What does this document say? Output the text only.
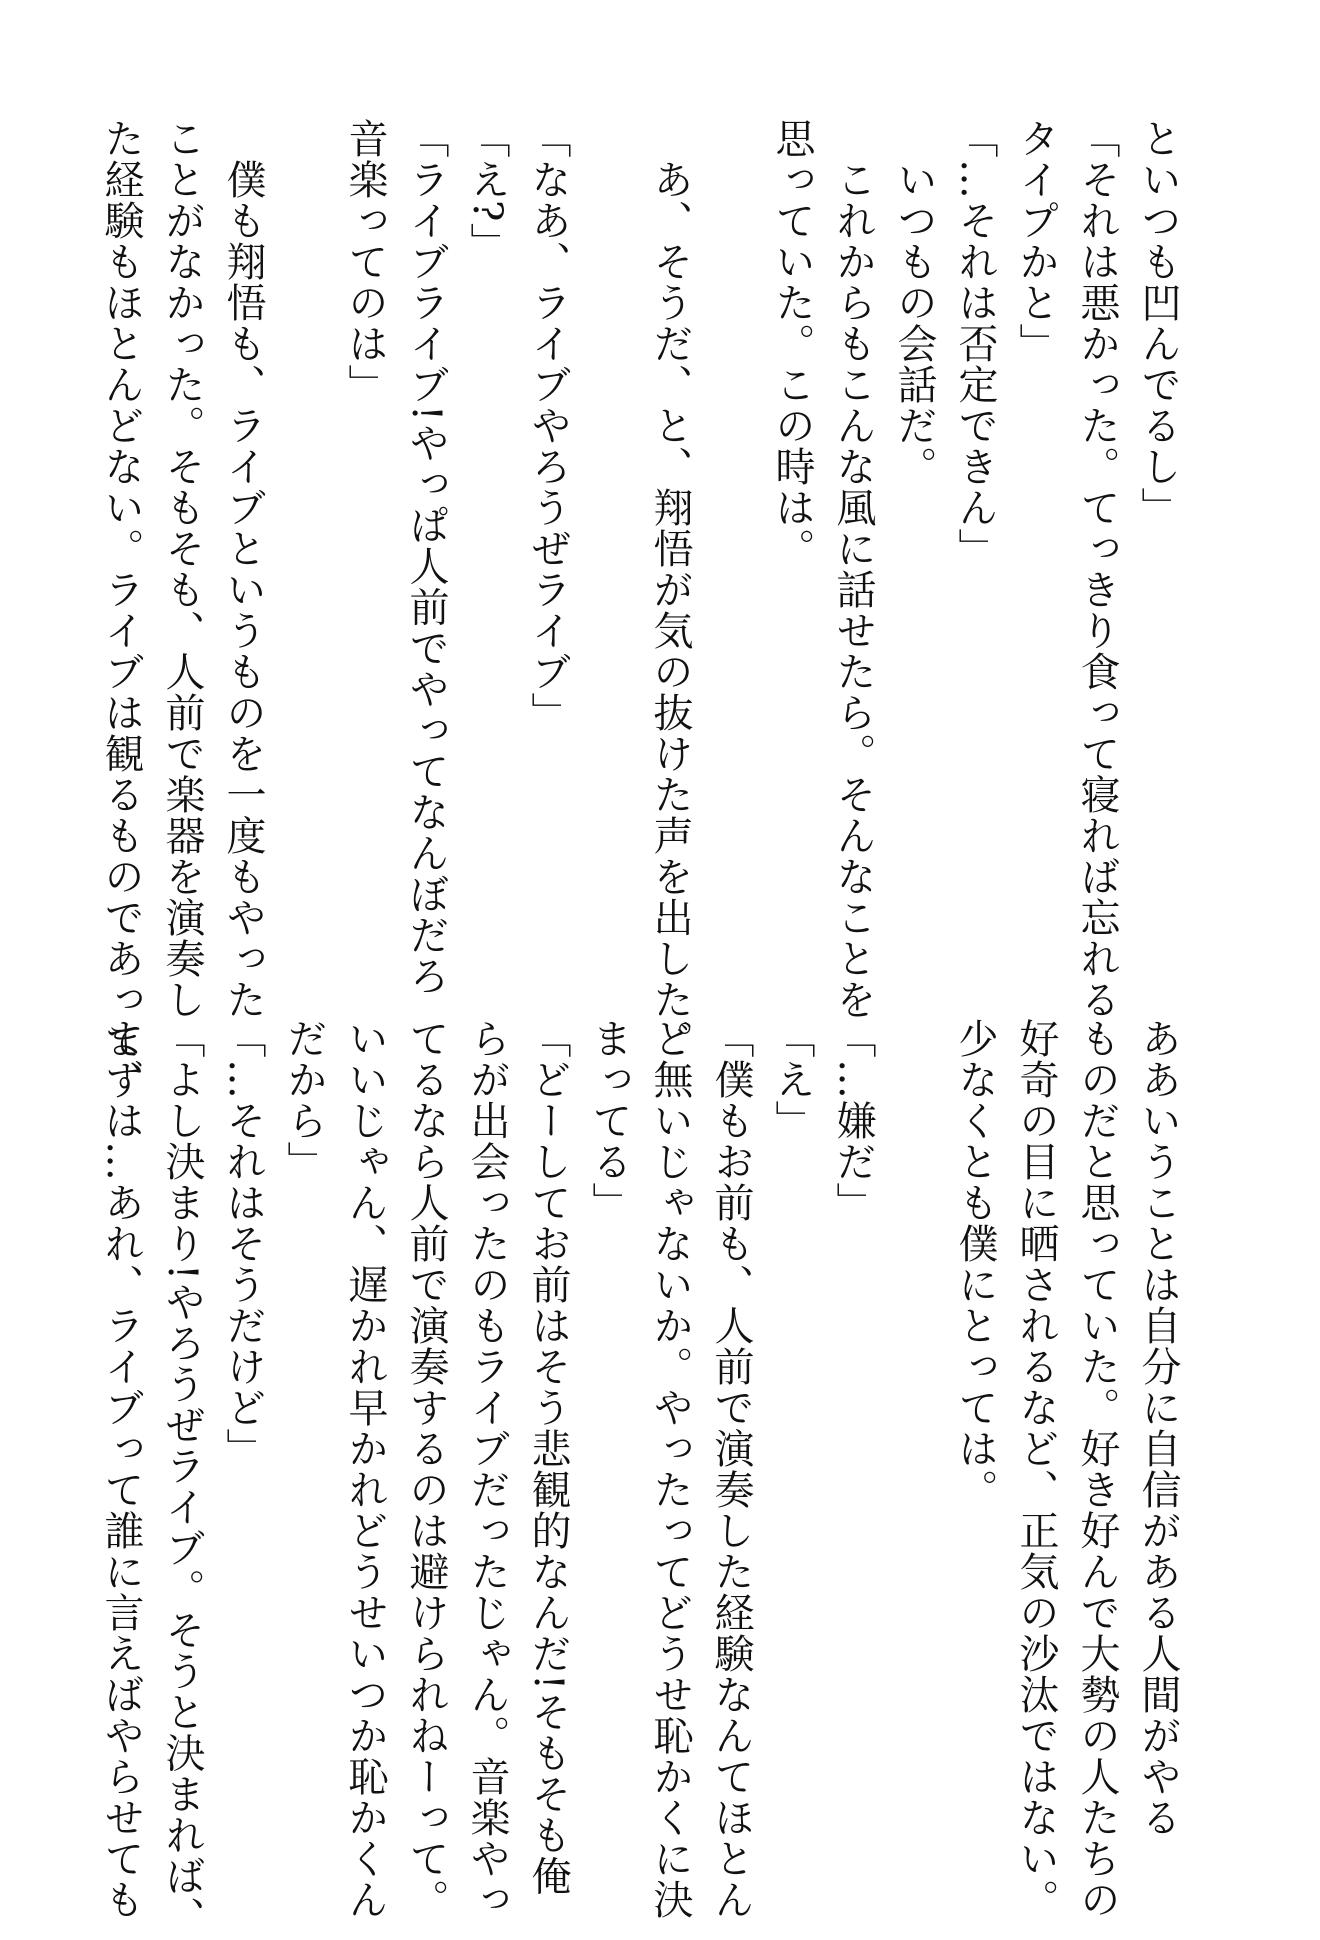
といつも凹んでるし」
「それは悪かった。てっきり食って寝れば忘れる
タイプかと」
「…それは否定できん」
　いつもの会話だ。
　これからもこんな風に話せたら。そんなことを
思っていた。この時は。

　あ、そうだ、と、翔悟が気の抜けた声を出した。

「なあ、ライブやろうぜライブ」
「え?」
「ライブライブ!やっぱ人前でやってなんぼだろ
音楽ってのは」

　僕も翔悟も、ライブというものを一度もやった
ことがなかった。そもそも、人前で楽器を演奏し
た経験もほとんどない。ライブは観るものであって、
ああいうことは自分に自信がある人間がやる
ものだと思っていた。好き好んで大勢の人たちの
好奇の目に晒されるなど、正気の沙汰ではない。
少なくとも僕にとっては。

「…嫌だ」
「え」
「僕もお前も、人前で演奏した経験なんてほとん
ど無いじゃないか。やったってどうせ恥かくに決
まってる」
「どーしてお前はそう悲観的なんだ!そもそも俺
らが出会ったのもライブだったじゃん。音楽やっ
てるなら人前で演奏するのは避けられねーって。
いいじゃん、遅かれ早かれどうせいつか恥かくん
だから」
「…それはそうだけど」
「よし決まり!やろうぜライブ。そうと決まれば、
まずは…あれ、ライブって誰に言えばやらせても
